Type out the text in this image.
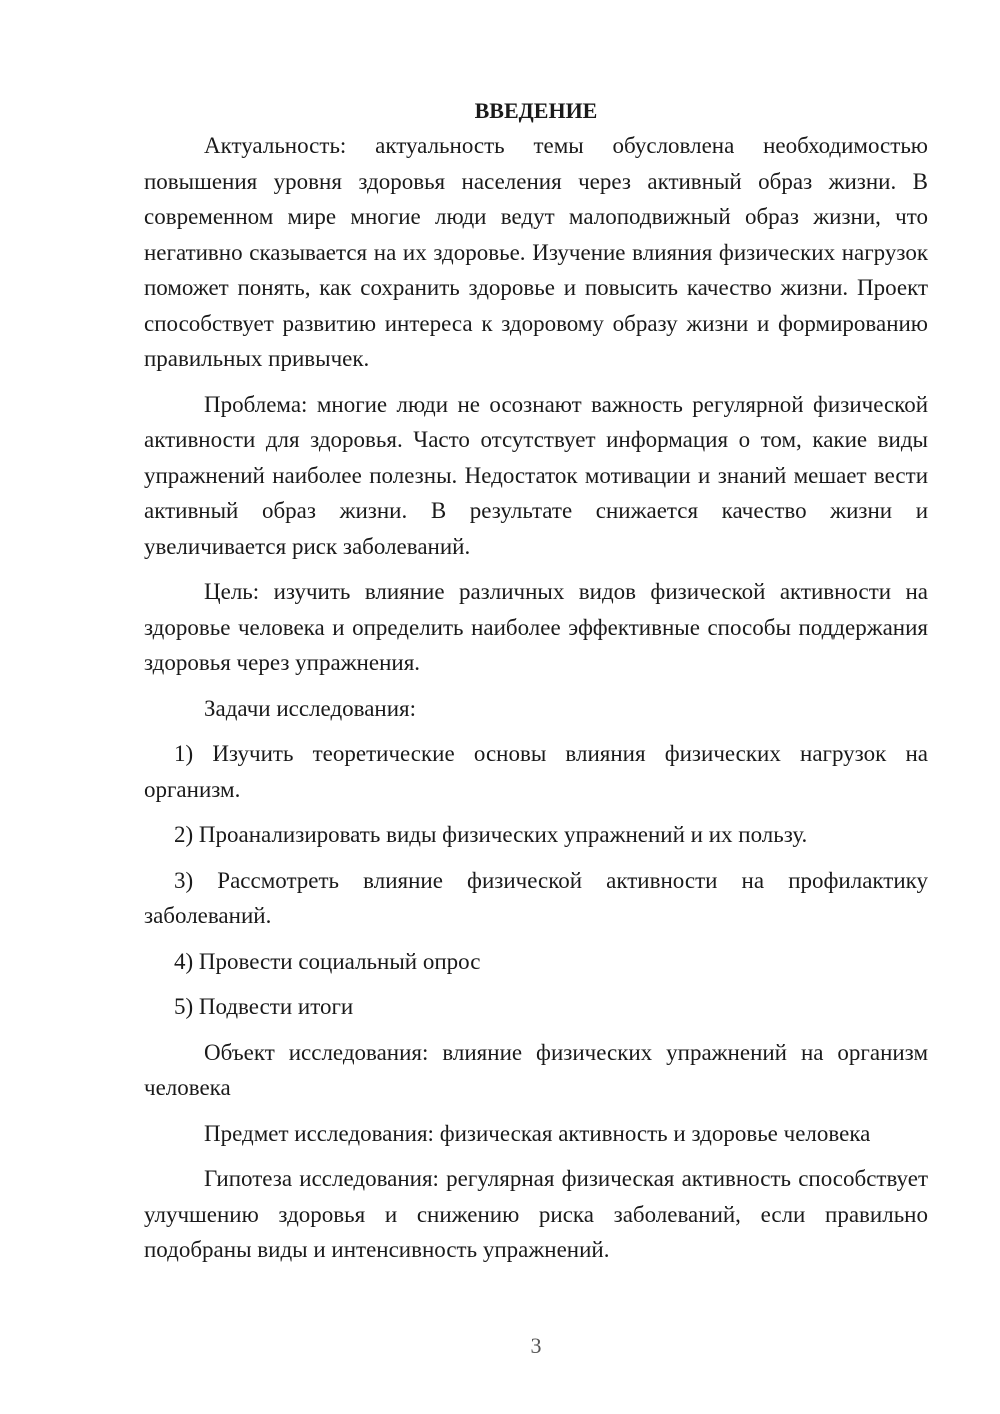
ВВЕДЕНИЕ

Актуальность: актуальность темы обусловлена необходимостью повышения уровня здоровья населения через активный образ жизни. В современном мире многие люди ведут малоподвижный образ жизни, что негативно сказывается на их здоровье. Изучение влияния физических нагрузок поможет понять, как сохранить здоровье и повысить качество жизни. Проект способствует развитию интереса к здоровому образу жизни и формированию правильных привычек.

Проблема: многие люди не осознают важность регулярной физической активности для здоровья. Часто отсутствует информация о том, какие виды упражнений наиболее полезны. Недостаток мотивации и знаний мешает вести активный образ жизни. В результате снижается качество жизни и увеличивается риск заболеваний.

Цель: изучить влияние различных видов физической активности на здоровье человека и определить наиболее эффективные способы поддержания здоровья через упражнения.

Задачи исследования:

1) Изучить теоретические основы влияния физических нагрузок на организм.

2) Проанализировать виды физических упражнений и их пользу.

3) Рассмотреть влияние физической активности на профилактику заболеваний.

4) Провести социальный опрос

5) Подвести итоги

Объект исследования: влияние физических упражнений на организм человека

Предмет исследования: физическая активность и здоровье человека

Гипотеза исследования: регулярная физическая активность способствует улучшению здоровья и снижению риска заболеваний, если правильно подобраны виды и интенсивность упражнений.

3
